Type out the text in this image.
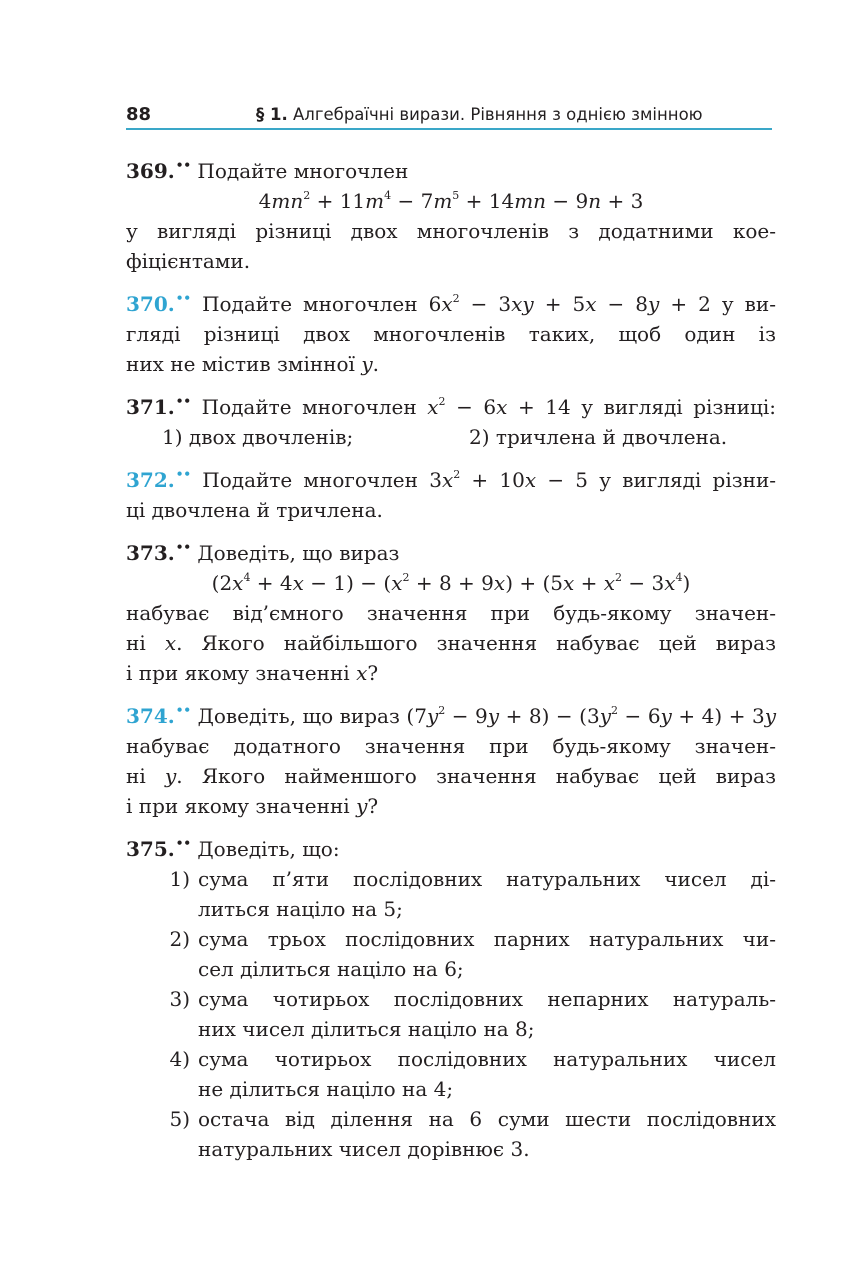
88	§ 1. Алгебраїчні вирази. Рівняння з однією змінною
369.•• Подайте многочлен
$4mn^2 + 11m^4 - 7m^5 + 14mn - 9n + 3$
у вигляді різниці двох многочленів з додатними кое-
фіцієнтами.
370.•• Подайте многочлен $6x^2 - 3xy + 5x - 8y + 2$ у ви-
гляді різниці двох многочленів таких, щоб один із
них не містив змінної y.
371.•• Подайте многочлен $x^2 - 6x + 14$ у вигляді різниці:
1) двох двочленів;	2) тричлена й двочлена.
372.•• Подайте многочлен $3x^2 + 10x - 5$ у вигляді різни-
ці двочлена й тричлена.
373.•• Доведіть, що вираз
$(2x^4 + 4x - 1) - (x^2 + 8 + 9x) + (5x + x^2 - 3x^4)$
набуває від’ємного значення при будь-якому значен-
ні x. Якого найбільшого значення набуває цей вираз
і при якому значенні x?
374.•• Доведіть, що вираз $(7y^2 - 9y + 8) - (3y^2 - 6y + 4) + 3y$
набуває додатного значення при будь-якому значен-
ні y. Якого найменшого значення набуває цей вираз
і при якому значенні y?
375.•• Доведіть, що:
1) сума п’яти послідовних натуральних чисел ді-
литься націло на 5;
2) сума трьох послідовних парних натуральних чи-
сел ділиться націло на 6;
3) сума чотирьох послідовних непарних натураль-
них чисел ділиться націло на 8;
4) сума чотирьох послідовних натуральних чисел
не ділиться націло на 4;
5) остача від ділення на 6 суми шести послідовних
натуральних чисел дорівнює 3.
